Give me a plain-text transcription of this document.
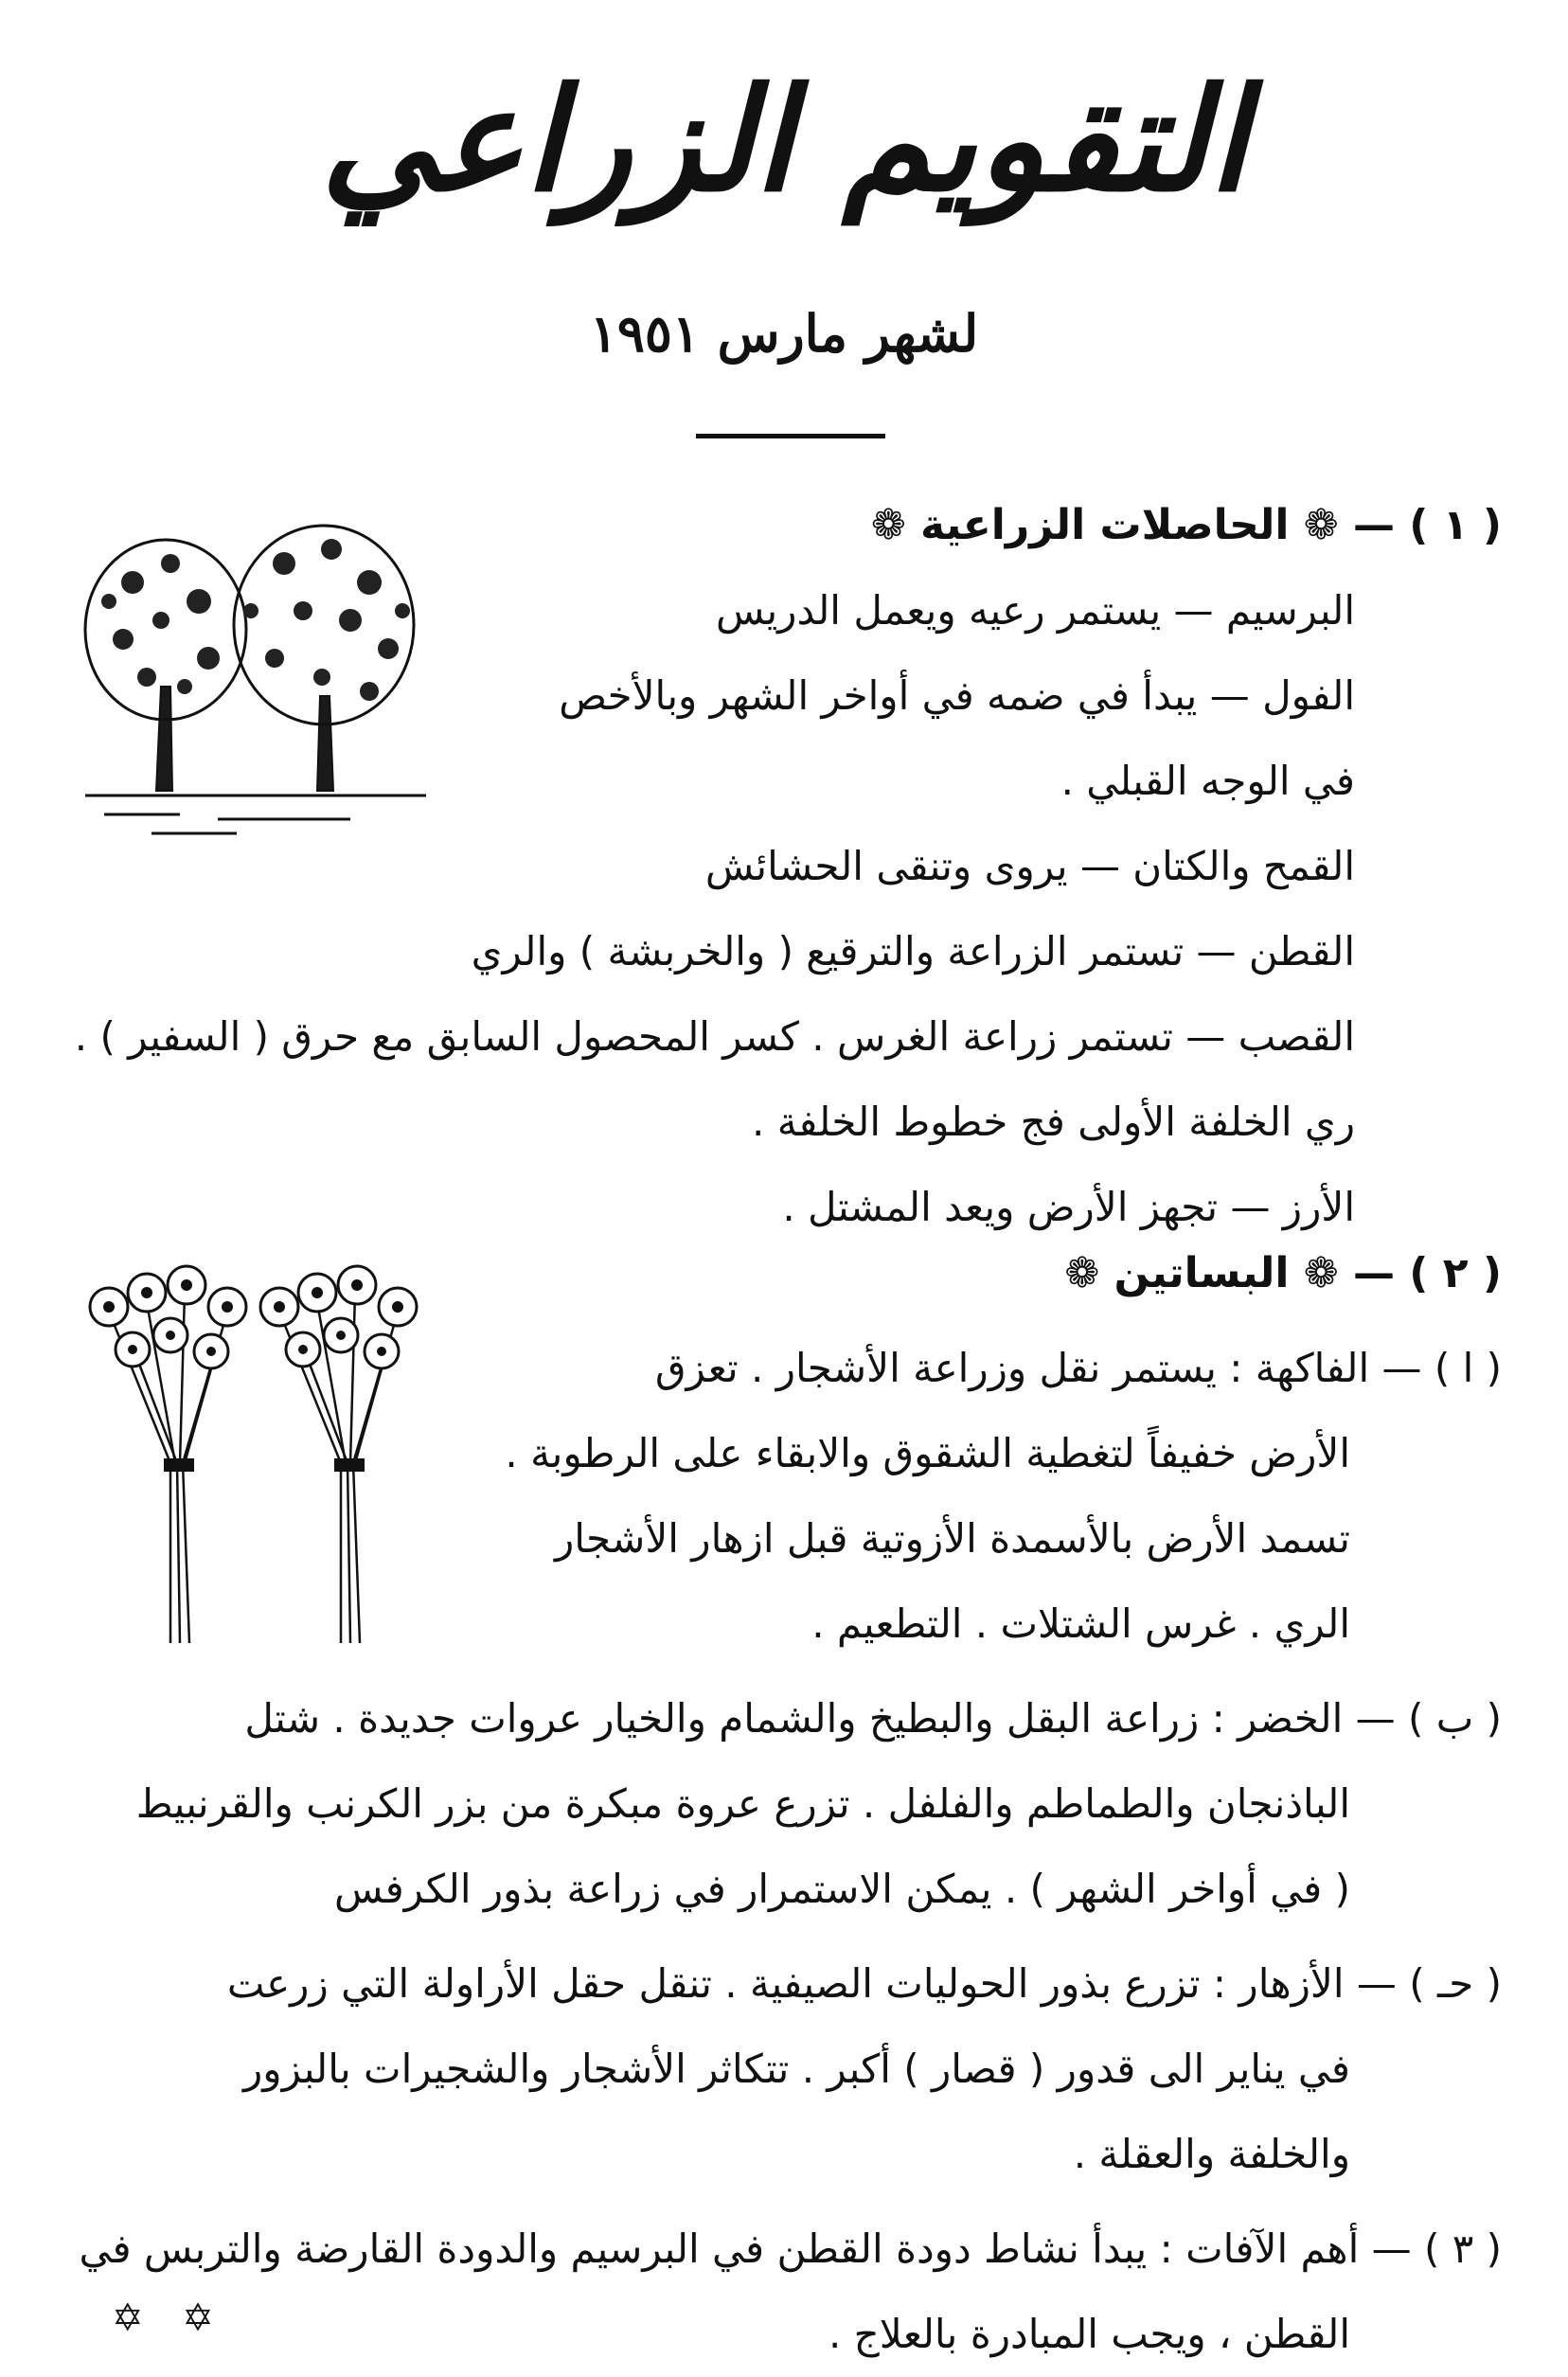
التقويم الزراعي
لشهر مارس ١٩٥١
( ١ ) — ❁ الحاصلات الزراعية ❁
البرسيم — يستمر رعيه ويعمل الدريس
الفول — يبدأ في ضمه في أواخر الشهر وبالأخص
في الوجه القبلي .
القمح والكتان — يروى وتنقى الحشائش
القطن — تستمر الزراعة والترقيع ( والخربشة ) والري
القصب — تستمر زراعة الغرس . كسر المحصول السابق مع حرق ( السفير ) .
ري الخلفة الأولى فج خطوط الخلفة .
الأرز — تجهز الأرض ويعد المشتل .
( ٢ ) — ❁ البساتين ❁
( ا ) — الفاكهة : يستمر نقل وزراعة الأشجار . تعزق
الأرض خفيفاً لتغطية الشقوق والابقاء على الرطوبة .
تسمد الأرض بالأسمدة الأزوتية قبل ازهار الأشجار
الري . غرس الشتلات . التطعيم .
( ب ) — الخضر : زراعة البقل والبطيخ والشمام والخيار عروات جديدة . شتل
الباذنجان والطماطم والفلفل . تزرع عروة مبكرة من بزر الكرنب والقرنبيط
( في أواخر الشهر ) . يمكن الاستمرار في زراعة بذور الكرفس
( حـ ) — الأزهار : تزرع بذور الحوليات الصيفية . تنقل حقل الأراولة التي زرعت
في يناير الى قدور ( قصار ) أكبر . تتكاثر الأشجار والشجيرات بالبزور
والخلفة والعقلة .
( ٣ ) — أهم الآفات : يبدأ نشاط دودة القطن في البرسيم والدودة القارضة والتربس في
القطن ، ويجب المبادرة بالعلاج .
✡ ✡
